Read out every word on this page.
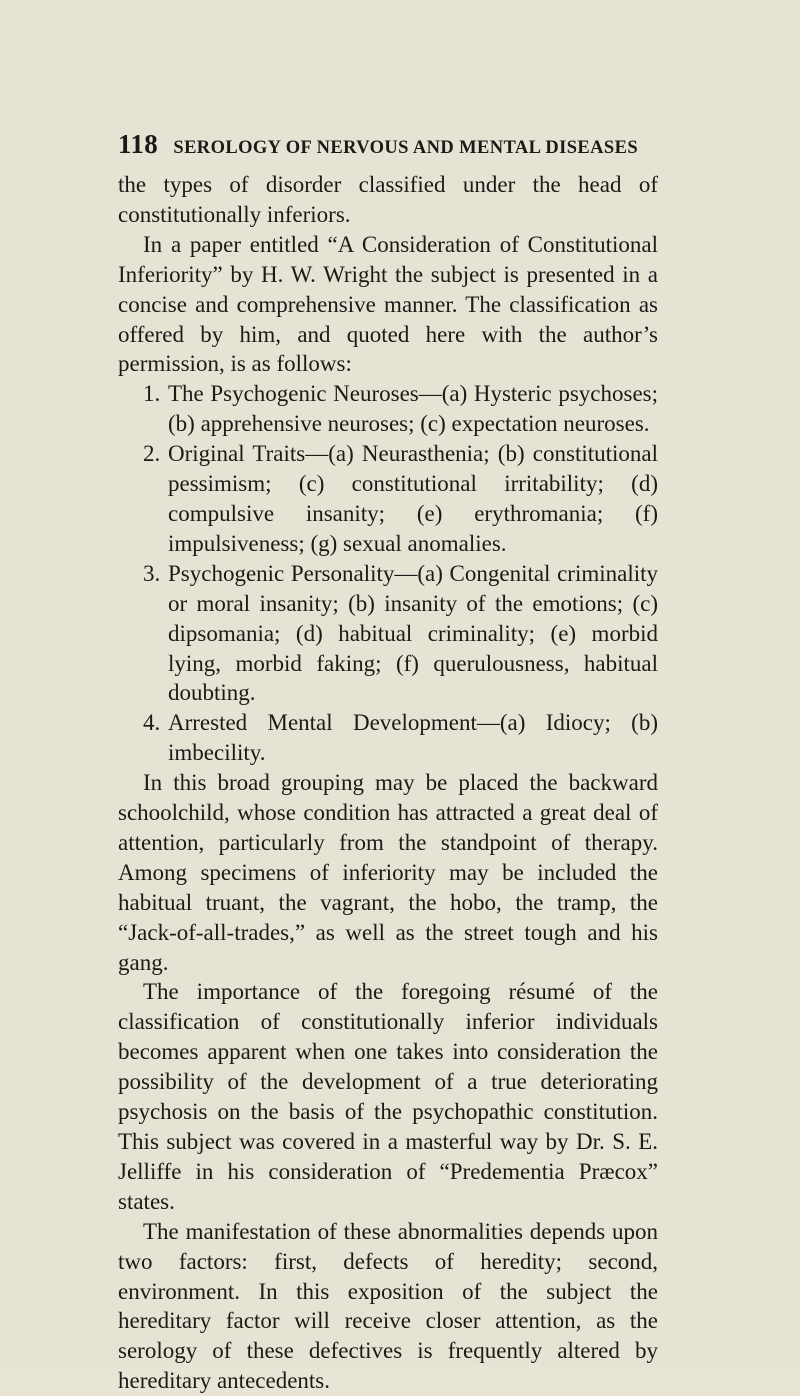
118 SEROLOGY OF NERVOUS AND MENTAL DISEASES

the types of disorder classified under the head of constitutionally inferiors.

In a paper entitled “A Consideration of Constitutional Inferiority” by H. W. Wright the subject is presented in a concise and comprehensive manner. The classification as offered by him, and quoted here with the author’s permission, is as follows:

1. The Psychogenic Neuroses—(a) Hysteric psychoses; (b) apprehensive neuroses; (c) expectation neuroses.
2. Original Traits—(a) Neurasthenia; (b) constitutional pessimism; (c) constitutional irritability; (d) compulsive insanity; (e) erythromania; (f) impulsiveness; (g) sexual anomalies.
3. Psychogenic Personality—(a) Congenital criminality or moral insanity; (b) insanity of the emotions; (c) dipsomania; (d) habitual criminality; (e) morbid lying, morbid faking; (f) querulousness, habitual doubting.
4. Arrested Mental Development—(a) Idiocy; (b) imbecility.

In this broad grouping may be placed the backward schoolchild, whose condition has attracted a great deal of attention, particularly from the standpoint of therapy. Among specimens of inferiority may be included the habitual truant, the vagrant, the hobo, the tramp, the “Jack-of-all-trades,” as well as the street tough and his gang.

The importance of the foregoing résumé of the classification of constitutionally inferior individuals becomes apparent when one takes into consideration the possibility of the development of a true deteriorating psychosis on the basis of the psychopathic constitution. This subject was covered in a masterful way by Dr. S. E. Jelliffe in his consideration of “Predementia Præcox” states.

The manifestation of these abnormalities depends upon two factors: first, defects of heredity; second, environment. In this exposition of the subject the hereditary factor will receive closer attention, as the serology of these defectives is frequently altered by hereditary antecedents.
